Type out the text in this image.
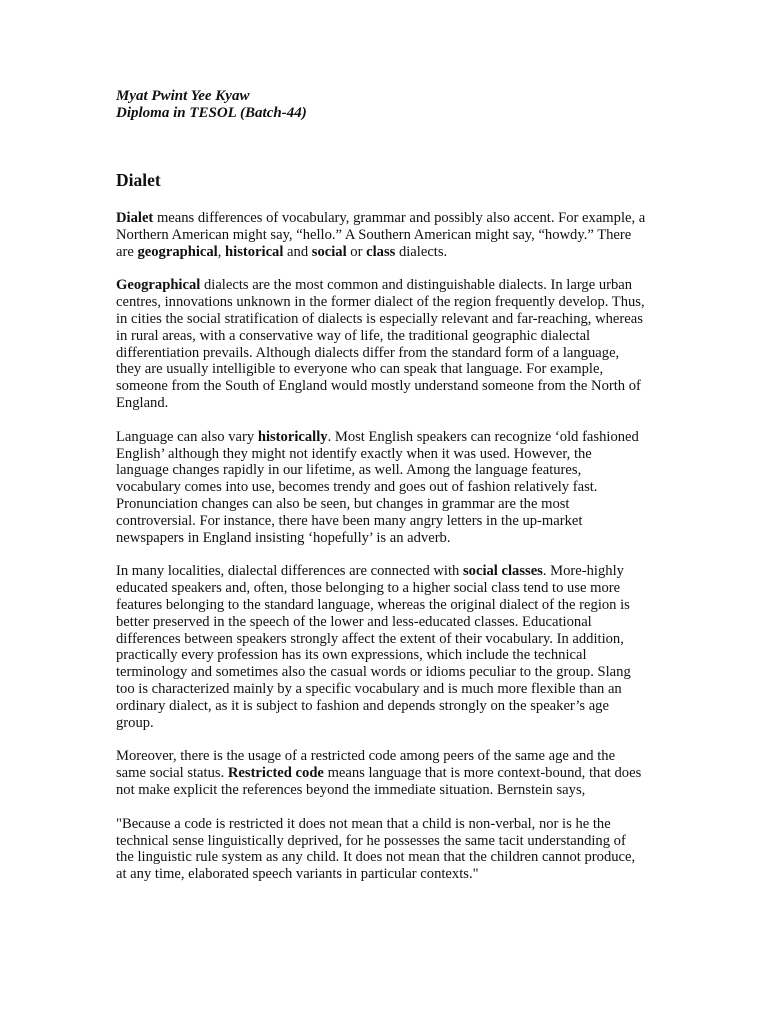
Myat Pwint Yee Kyaw

Diploma in TESOL (Batch-44)

Dialet

Dialet means differences of vocabulary, grammar and possibly also accent. For example, a Northern American might say, “hello.” A Southern American might say, “howdy.” There are geographical, historical and social or class dialects.

Geographical dialects are the most common and distinguishable dialects. In large urban centres, innovations unknown in the former dialect of the region frequently develop. Thus, in cities the social stratification of dialects is especially relevant and far-reaching, whereas in rural areas, with a conservative way of life, the traditional geographic dialectal differentiation prevails. Although dialects differ from the standard form of a language, they are usually intelligible to everyone who can speak that language. For example, someone from the South of England would mostly understand someone from the North of England.

Language can also vary historically. Most English speakers can recognize ‘old fashioned English’ although they might not identify exactly when it was used. However, the language changes rapidly in our lifetime, as well. Among the language features, vocabulary comes into use, becomes trendy and goes out of fashion relatively fast. Pronunciation changes can also be seen, but changes in grammar are the most controversial. For instance, there have been many angry letters in the up-market newspapers in England insisting ‘hopefully’ is an adverb.

In many localities, dialectal differences are connected with social classes. More-highly educated speakers and, often, those belonging to a higher social class tend to use more features belonging to the standard language, whereas the original dialect of the region is better preserved in the speech of the lower and less-educated classes. Educational differences between speakers strongly affect the extent of their vocabulary. In addition, practically every profession has its own expressions, which include the technical terminology and sometimes also the casual words or idioms peculiar to the group. Slang too is characterized mainly by a specific vocabulary and is much more flexible than an ordinary dialect, as it is subject to fashion and depends strongly on the speaker’s age group.

Moreover, there is the usage of a restricted code among peers of the same age and the same social status. Restricted code means language that is more context-bound, that does not make explicit the references beyond the immediate situation. Bernstein says,

"Because a code is restricted it does not mean that a child is non-verbal, nor is he the technical sense linguistically deprived, for he possesses the same tacit understanding of the linguistic rule system as any child. It does not mean that the children cannot produce, at any time, elaborated speech variants in particular contexts."
